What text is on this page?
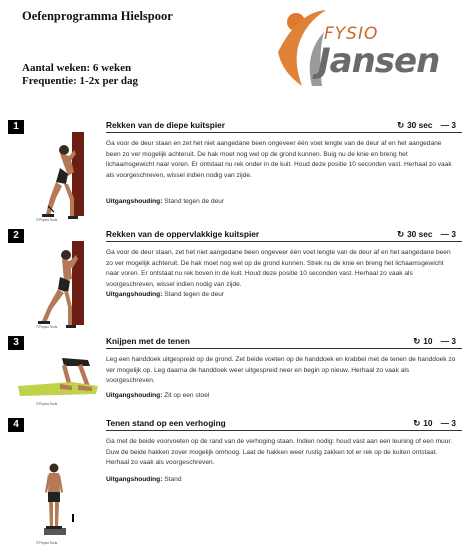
Oefenprogramma Hielspoor
Aantal weken: 6 weken
Frequentie: 1-2x per dag
FYSIO
Jansen
1	Rekken van de diepe kuitspier	↻ 30 sec — 3
Ga voor de deur staan en zet het niet aangedane been ongeveer één voet lengte van de deur af en het aangedane been zo ver mogelijk achteruit. De hak moet nog wel op de grond kunnen. Buig nu de knie en breng het lichaamsgewicht naar voren. Er ontstaat nu rek onder in de kuit. Houd deze positie 10 seconden vast. Herhaal zo vaak als voorgeschreven, wissel indien nodig van zijde.
Uitgangshouding: Stand tegen de deur
©PhysioTools
2	Rekken van de oppervlakkige kuitspier	↻ 30 sec — 3
Ga voor de deur staan, zet het niet aangedane been ongeveer één voet lengte van de deur af en het aangedane been zo ver mogelijk achteruit. De hak moet nog wel op de grond kunnen. Strek nu de knie en breng het lichaamsgewicht naar voren. Er ontstaat nu rek boven in de kuit. Houd deze positie 10 seconden vast. Herhaal zo vaak als voorgeschreven, wissel indien nodig van zijde.
Uitgangshouding: Stand tegen de deur
©PhysioTools
3	Knijpen met de tenen	↻ 10 — 3
Leg een handdoek uitgespreid op de grond. Zet beide voeten op de handdoek en krabbel met de tenen de handdoek zo ver mogelijk op. Leg daarna de handdoek weer uitgespreid neer en begin op nieuw. Herhaal zo vaak als voorgeschreven.
Uitgangshouding: Zit op een stoel
©PhysioTools
4	Tenen stand op een verhoging	↻ 10 — 3
Ga met de beide voorvoeten op de rand van de verhoging staan. Indien nodig: houd vast aan een leuning of een muur. Duw de beide hakken zover mogelijk omhoog. Laat de hakken weer rustig zakken tot er rek op de kuiten ontstaat. Herhaal zo vaak als voorgeschreven.
Uitgangshouding: Stand
©PhysioTools
